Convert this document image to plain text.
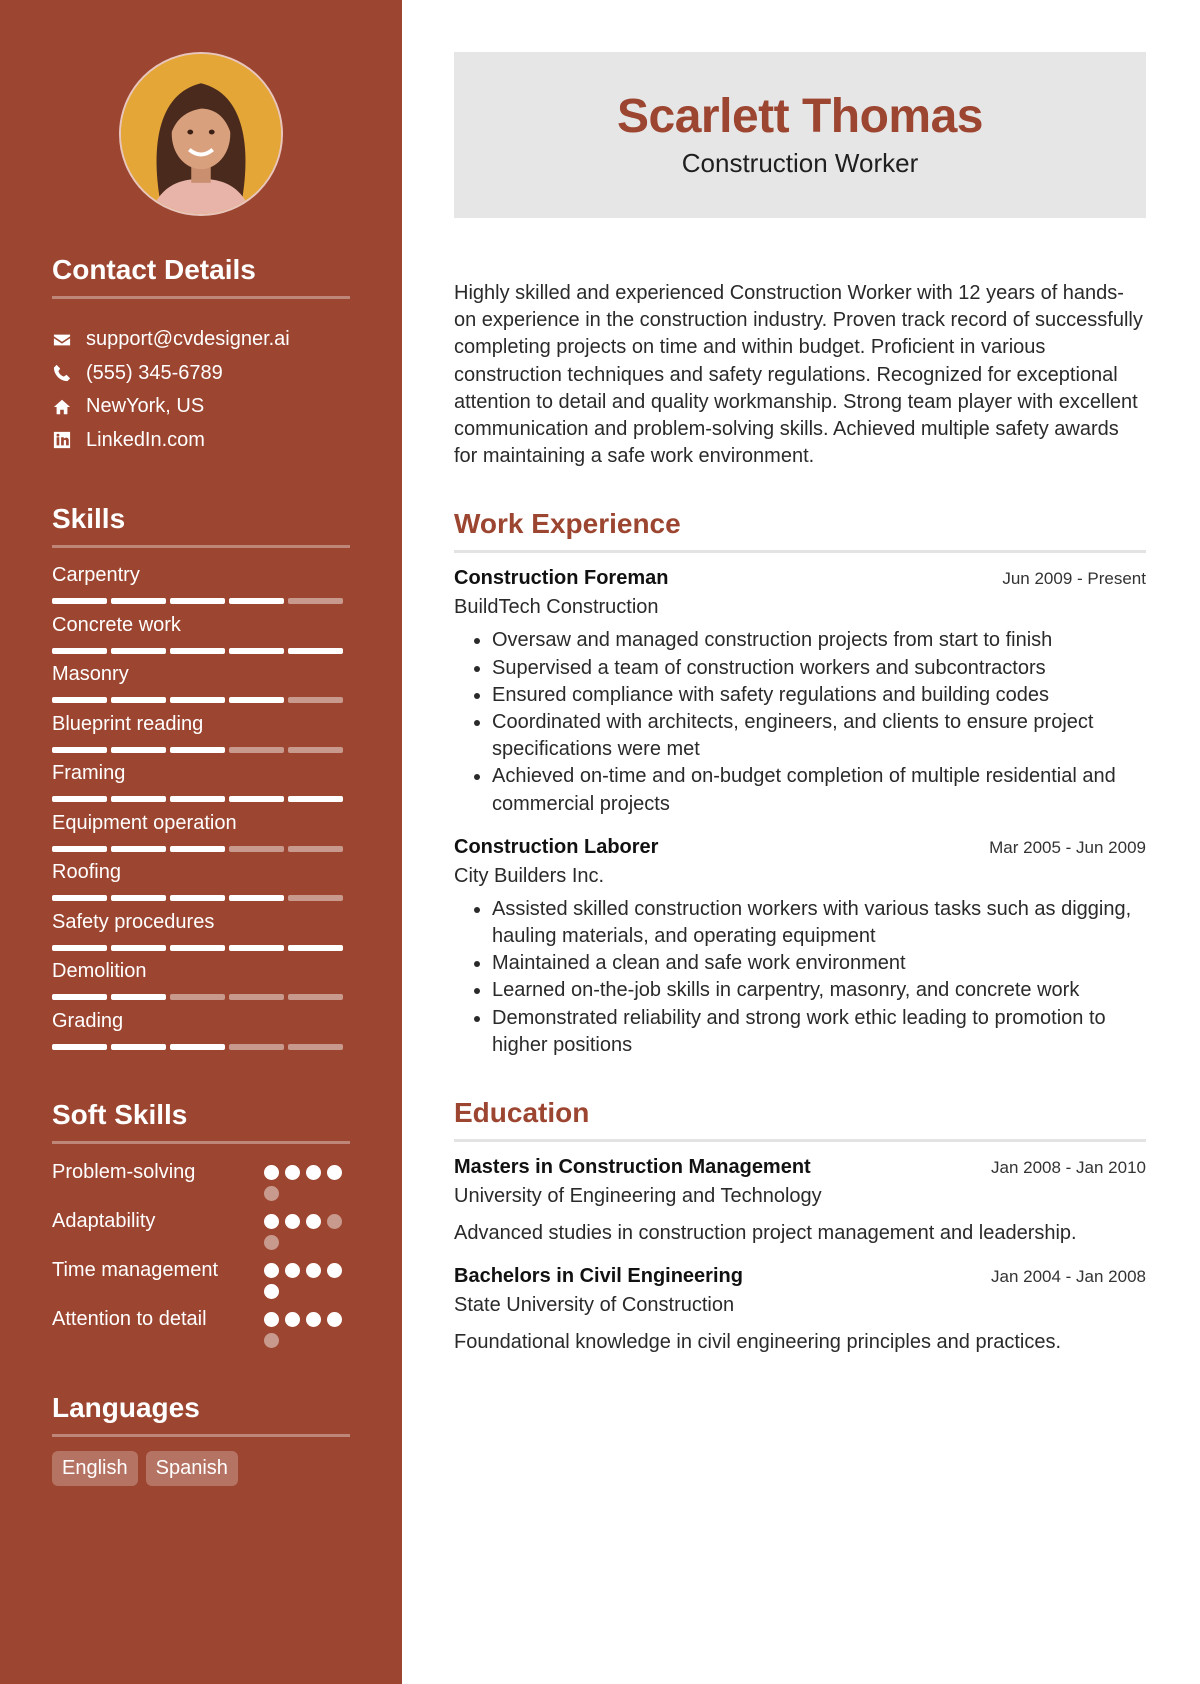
Contact Details
support@cvdesigner.ai
(555) 345-6789
NewYork, US
LinkedIn.com
Skills
Carpentry
Concrete work
Masonry
Blueprint reading
Framing
Equipment operation
Roofing
Safety procedures
Demolition
Grading
Soft Skills
Problem-solving
Adaptability
Time management
Attention to detail
Languages
English	Spanish
Scarlett Thomas
Construction Worker

Highly skilled and experienced Construction Worker with 12 years of hands-on experience in the construction industry. Proven track record of successfully completing projects on time and within budget. Proficient in various construction techniques and safety regulations. Recognized for exceptional attention to detail and quality workmanship. Strong team player with excellent communication and problem-solving skills. Achieved multiple safety awards for maintaining a safe work environment.

Work Experience
Construction Foreman	Jun 2009 - Present
BuildTech Construction
• Oversaw and managed construction projects from start to finish
• Supervised a team of construction workers and subcontractors
• Ensured compliance with safety regulations and building codes
• Coordinated with architects, engineers, and clients to ensure project specifications were met
• Achieved on-time and on-budget completion of multiple residential and commercial projects
Construction Laborer	Mar 2005 - Jun 2009
City Builders Inc.
• Assisted skilled construction workers with various tasks such as digging, hauling materials, and operating equipment
• Maintained a clean and safe work environment
• Learned on-the-job skills in carpentry, masonry, and concrete work
• Demonstrated reliability and strong work ethic leading to promotion to higher positions
Education
Masters in Construction Management	Jan 2008 - Jan 2010
University of Engineering and Technology
Advanced studies in construction project management and leadership.
Bachelors in Civil Engineering	Jan 2004 - Jan 2008
State University of Construction
Foundational knowledge in civil engineering principles and practices.
